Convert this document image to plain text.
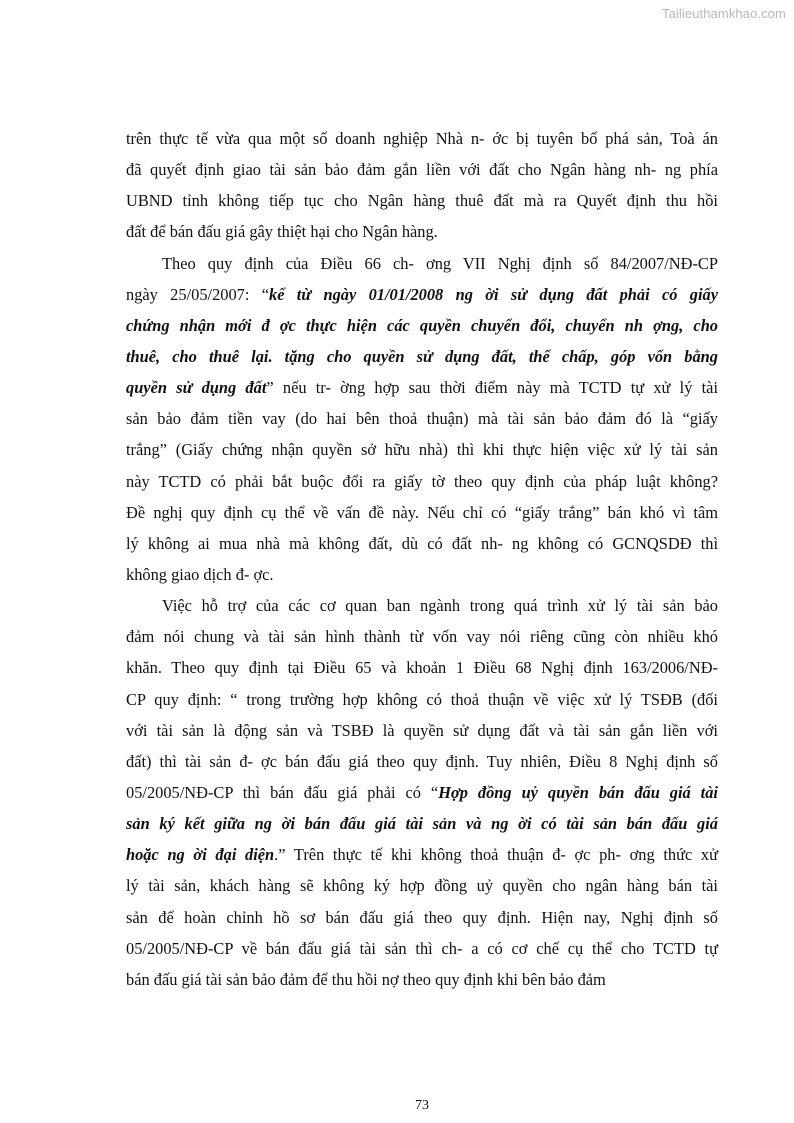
Tailieuthamkhao.com
trên thực tế vừa qua một số doanh nghiệp Nhà n- ớc bị tuyên bố phá sản, Toà án
đã quyết định giao tài sản bảo đảm gắn liền với đất cho Ngân hàng nh- ng phía
UBND tỉnh không tiếp tục cho Ngân hàng thuê đất mà ra Quyết định thu hồi
đất để bán đấu giá gây thiệt hại cho Ngân hàng.
Theo quy định của Điều 66 ch- ơng VII Nghị định số 84/2007/NĐ-CP
ngày 25/05/2007: “kể từ ngày 01/01/2008 ng ời sử dụng đất phải có giấy
chứng nhận mới đ ợc thực hiện các quyền chuyển đổi, chuyển nh ợng, cho
thuê, cho thuê lại. tặng cho quyền sử dụng đất, thế chấp, góp vốn bằng
quyền sử dụng đất” nếu tr- ờng hợp sau thời điểm này mà TCTD tự xử lý tài
sản bảo đảm tiền vay (do hai bên thoả thuận) mà tài sản bảo đảm đó là “giấy
trắng” (Giấy chứng nhận quyền sở hữu nhà) thì khi thực hiện việc xử lý tài sản
này TCTD có phải bắt buộc đổi ra giấy tờ theo quy định của pháp luật không?
Đề nghị quy định cụ thể về vấn đề này. Nếu chỉ có “giấy trắng” bán khó vì tâm
lý không ai mua nhà mà không đất, dù có đất nh- ng không có GCNQSDĐ thì
không giao dịch đ- ợc.
Việc hỗ trợ của các cơ quan ban ngành trong quá trình xử lý tài sản bảo
đảm nói chung và tài sản hình thành từ vốn vay nói riêng cũng còn nhiều khó
khăn. Theo quy định tại Điều 65 và khoản 1 Điều 68 Nghị định 163/2006/NĐ-
CP quy định: “ trong trường hợp không có thoả thuận về việc xử lý TSĐB (đối
với tài sản là động sản và TSBĐ là quyền sử dụng đất và tài sản gắn liền với
đất) thì tài sản đ- ợc bán đấu giá theo quy định. Tuy nhiên, Điều 8 Nghị định số
05/2005/NĐ-CP thì bán đấu giá phải có “Hợp đồng uỷ quyền bán đấu giá tài
sản ký kết giữa ng ời bán đấu giá tài sản và ng ời có tài sản bán đấu giá
hoặc ng ời đại diện.” Trên thực tế khi không thoả thuận đ- ợc ph- ơng thức xử
lý tài sản, khách hàng sẽ không ký hợp đồng uỷ quyền cho ngân hàng bán tài
sản để hoàn chỉnh hồ sơ bán đấu giá theo quy định. Hiện nay, Nghị định số
05/2005/NĐ-CP về bán đấu giá tài sản thì ch- a có cơ chế cụ thể cho TCTD tự
bán đấu giá tài sản bảo đảm để thu hồi nợ theo quy định khi bên bảo đảm
73
